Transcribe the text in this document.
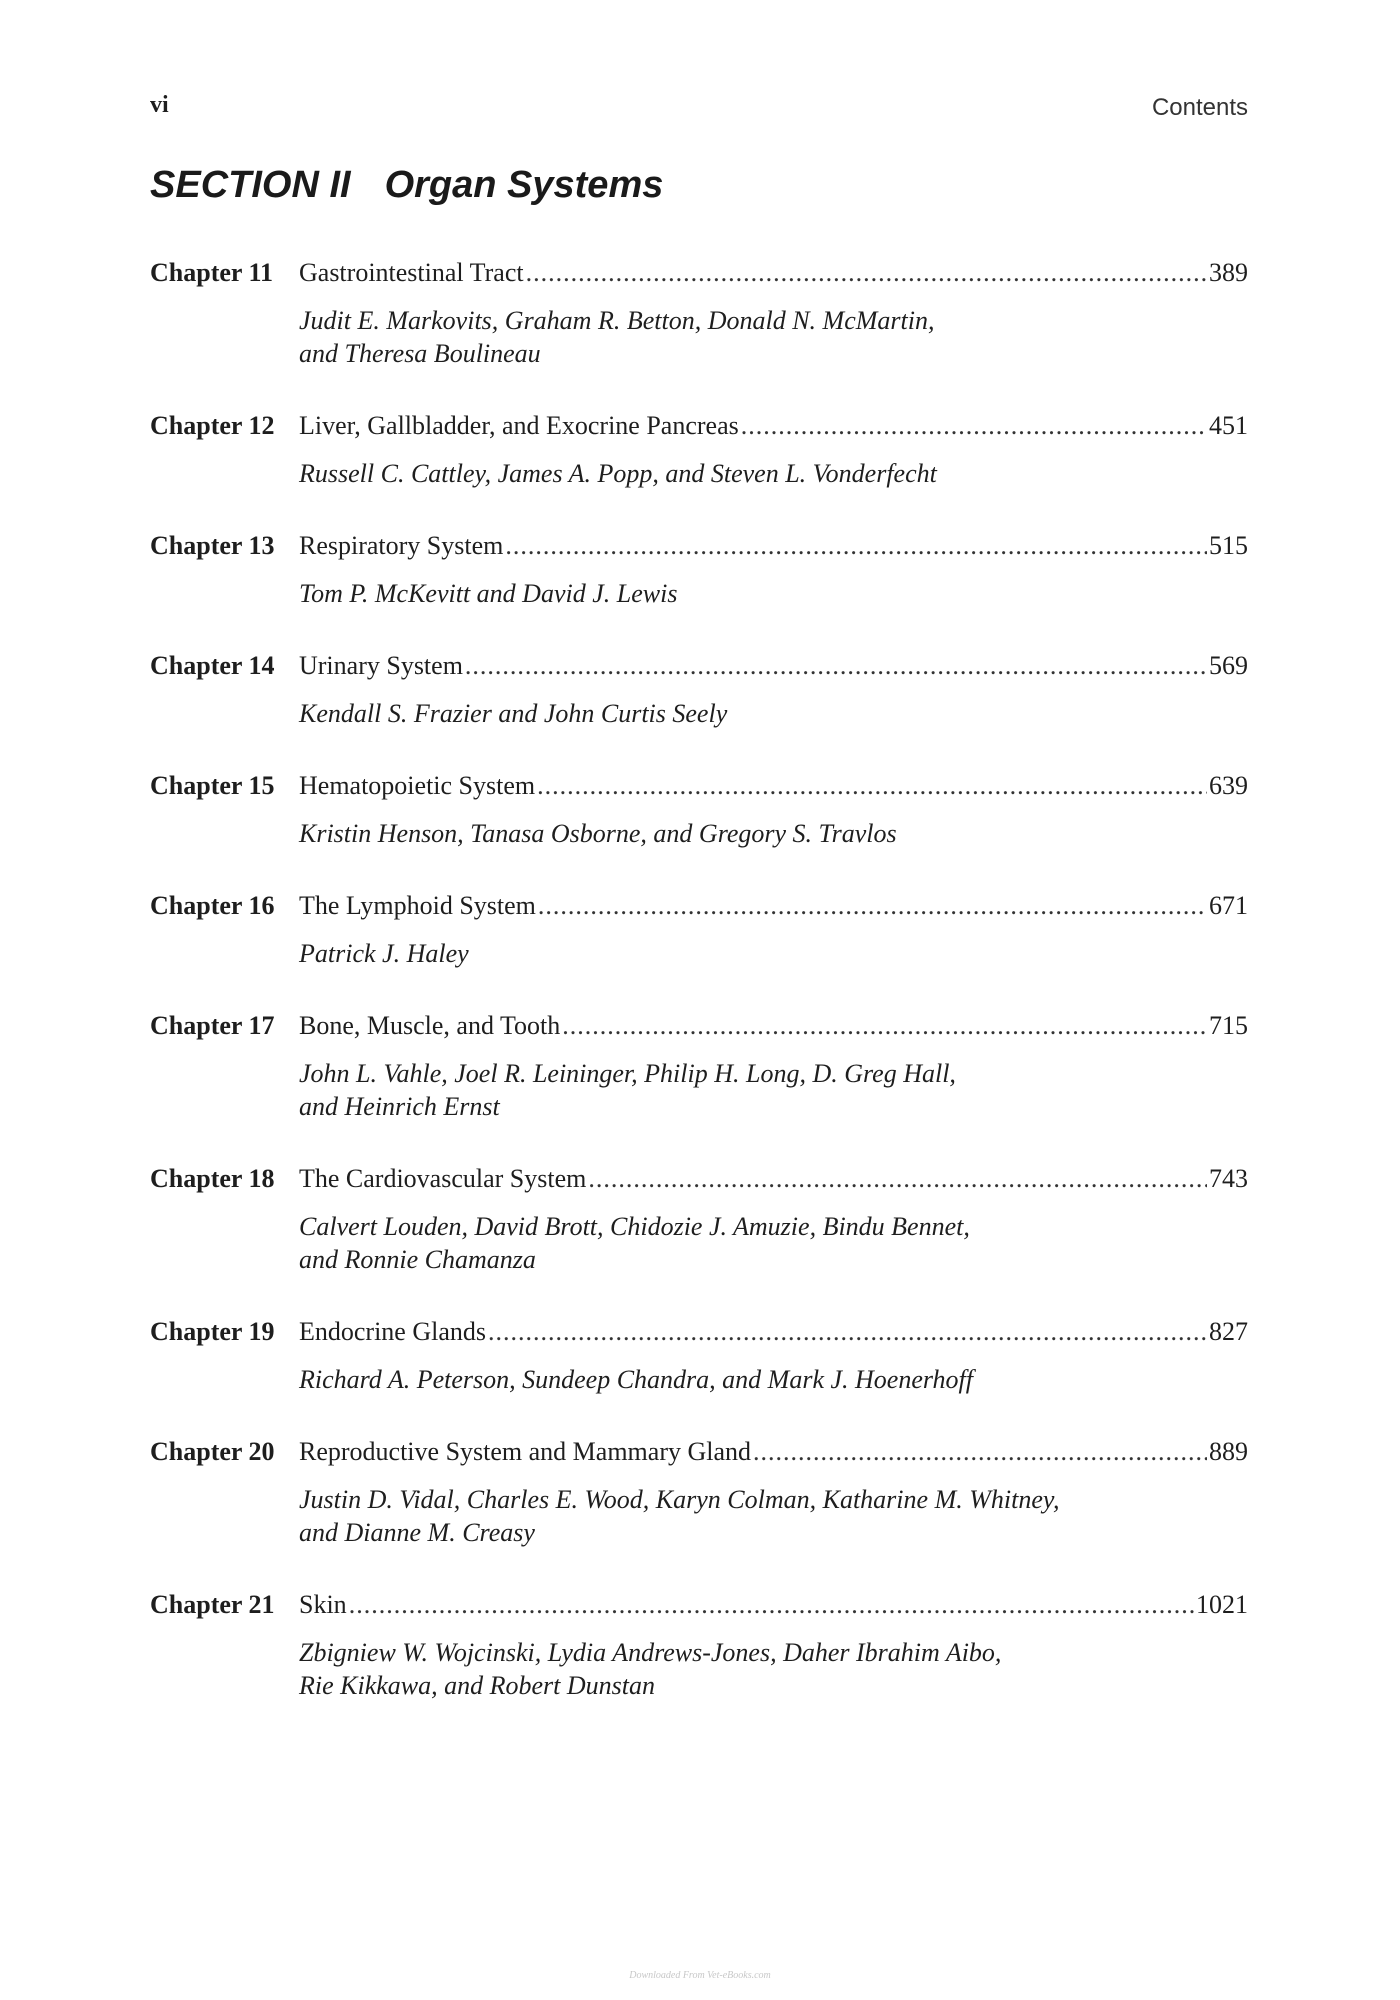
vi	Contents
SECTION II Organ Systems
Chapter 11 Gastrointestinal Tract .....	389
Judit E. Markovits, Graham R. Betton, Donald N. McMartin,
and Theresa Boulineau
Chapter 12 Liver, Gallbladder, and Exocrine Pancreas .....	451
Russell C. Cattley, James A. Popp, and Steven L. Vonderfecht
Chapter 13 Respiratory System .....	515
Tom P. McKevitt and David J. Lewis
Chapter 14 Urinary System .....	569
Kendall S. Frazier and John Curtis Seely
Chapter 15 Hematopoietic System .....	639
Kristin Henson, Tanasa Osborne, and Gregory S. Travlos
Chapter 16 The Lymphoid System .....	671
Patrick J. Haley
Chapter 17 Bone, Muscle, and Tooth .....	715
John L. Vahle, Joel R. Leininger, Philip H. Long, D. Greg Hall,
and Heinrich Ernst
Chapter 18 The Cardiovascular System .....	743
Calvert Louden, David Brott, Chidozie J. Amuzie, Bindu Bennet,
and Ronnie Chamanza
Chapter 19 Endocrine Glands .....	827
Richard A. Peterson, Sundeep Chandra, and Mark J. Hoenerhoff
Chapter 20 Reproductive System and Mammary Gland .....	889
Justin D. Vidal, Charles E. Wood, Karyn Colman, Katharine M. Whitney,
and Dianne M. Creasy
Chapter 21 Skin .....	1021
Zbigniew W. Wojcinski, Lydia Andrews-Jones, Daher Ibrahim Aibo,
Rie Kikkawa, and Robert Dunstan
Downloaded From Vet-eBooks.com
